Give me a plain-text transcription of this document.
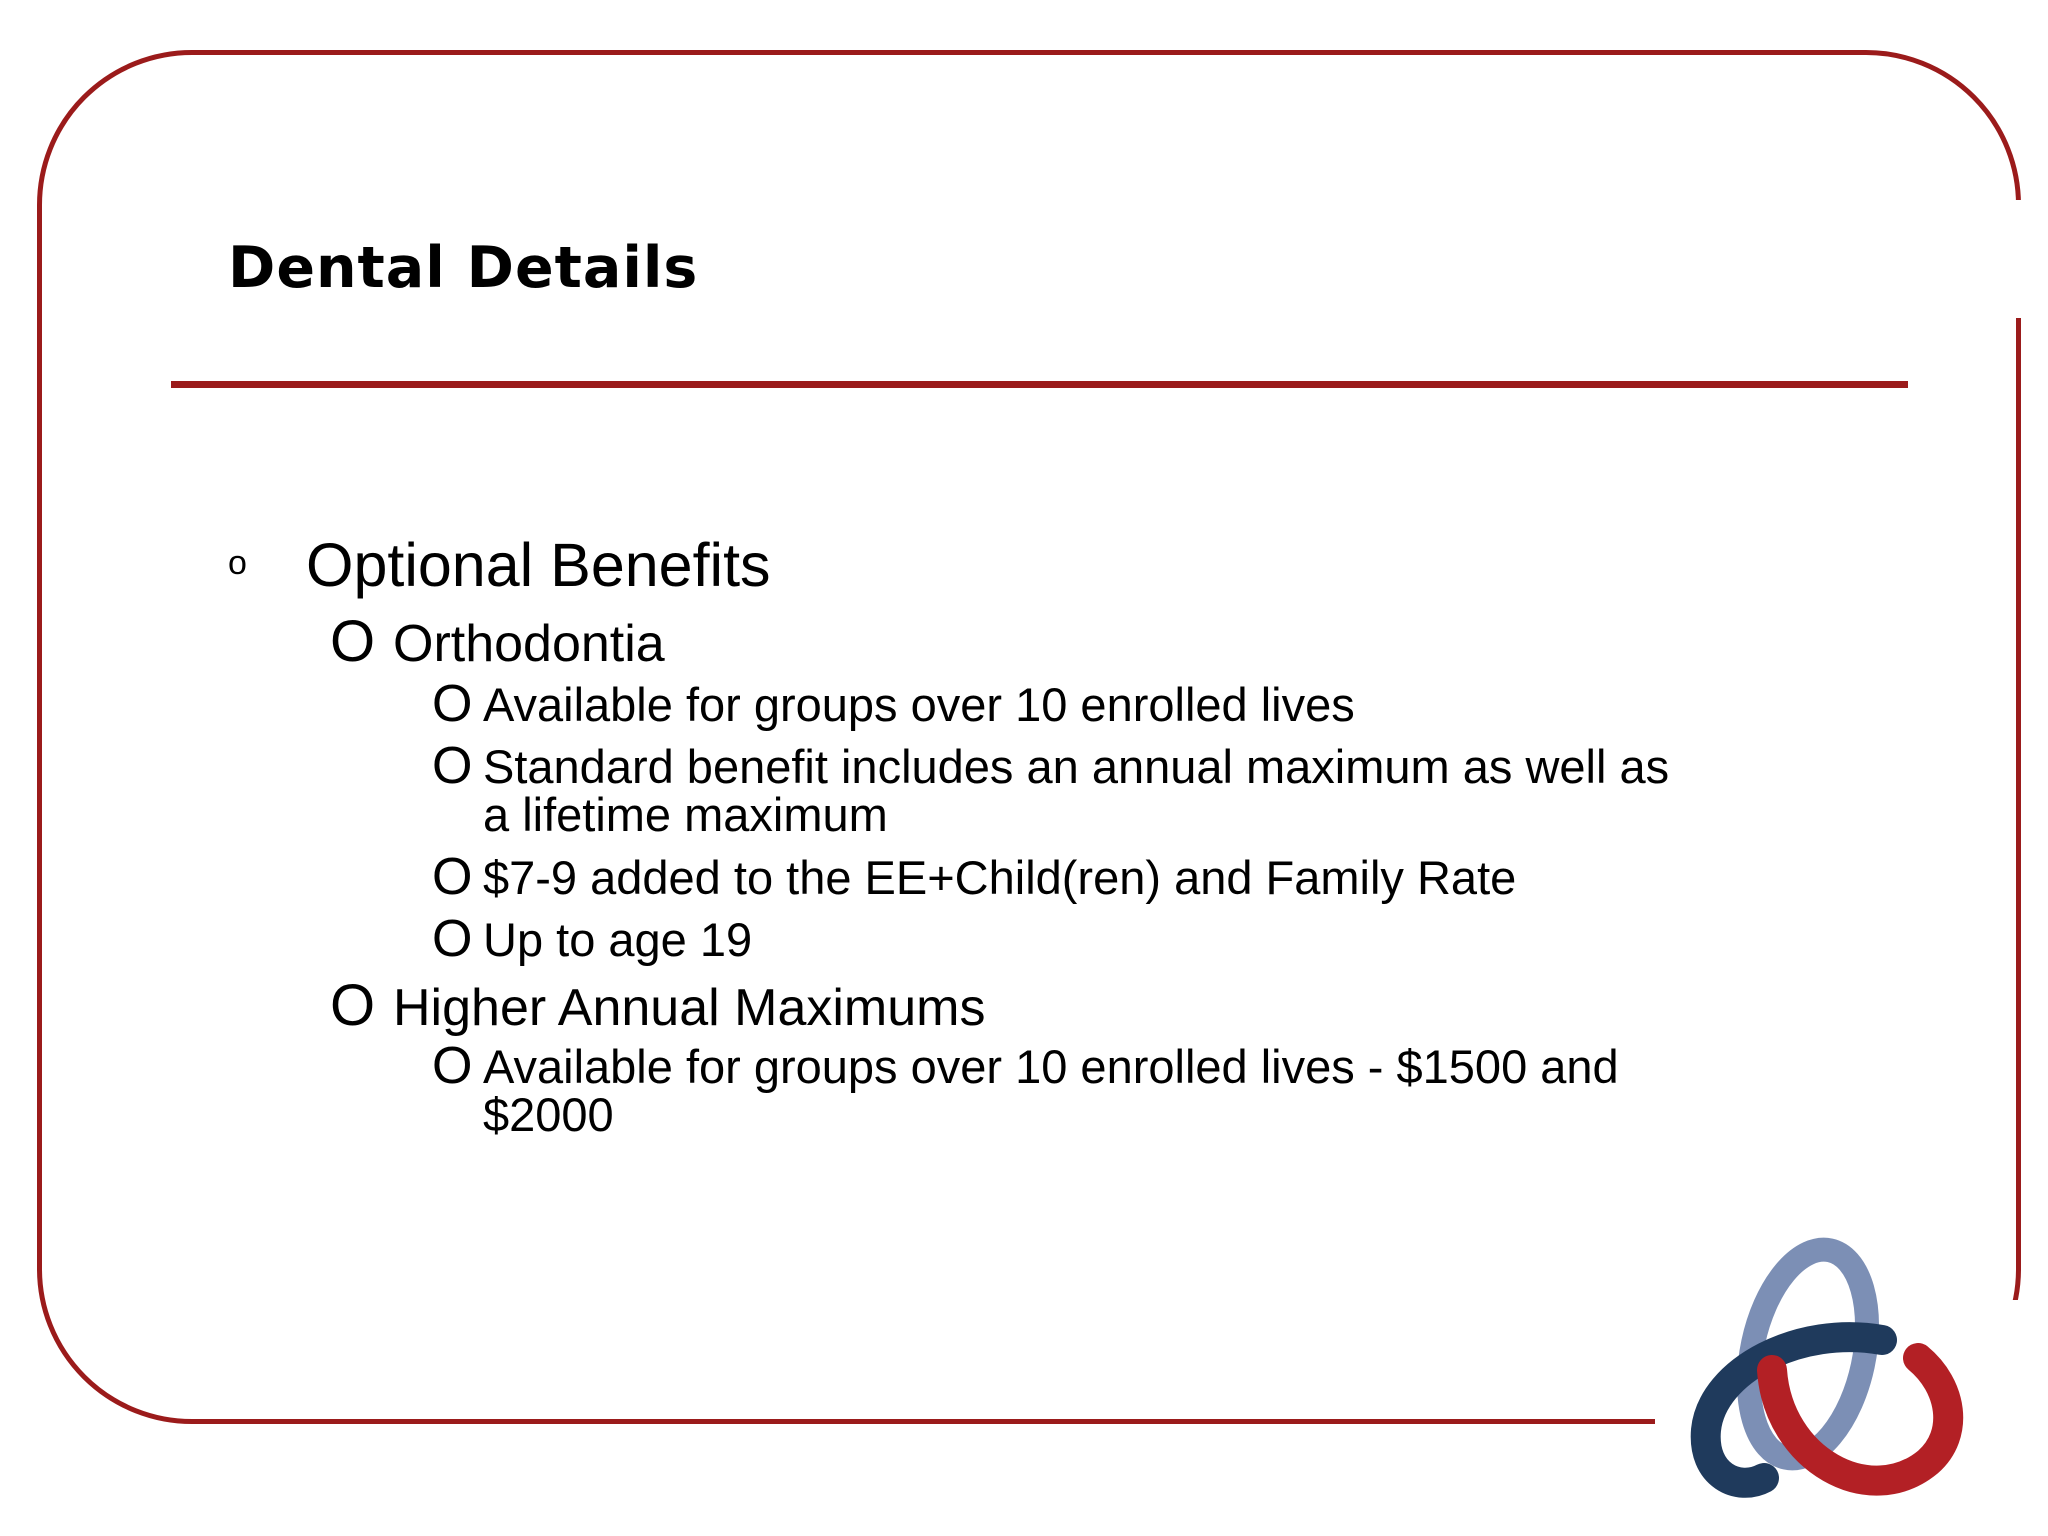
Dental Details
o Optional Benefits
O Orthodontia
O Available for groups over 10 enrolled lives
O Standard benefit includes an annual maximum as well as
a lifetime maximum
O $7-9 added to the EE+Child(ren) and Family Rate
O Up to age 19
O Higher Annual Maximums
O Available for groups over 10 enrolled lives - $1500 and
$2000
